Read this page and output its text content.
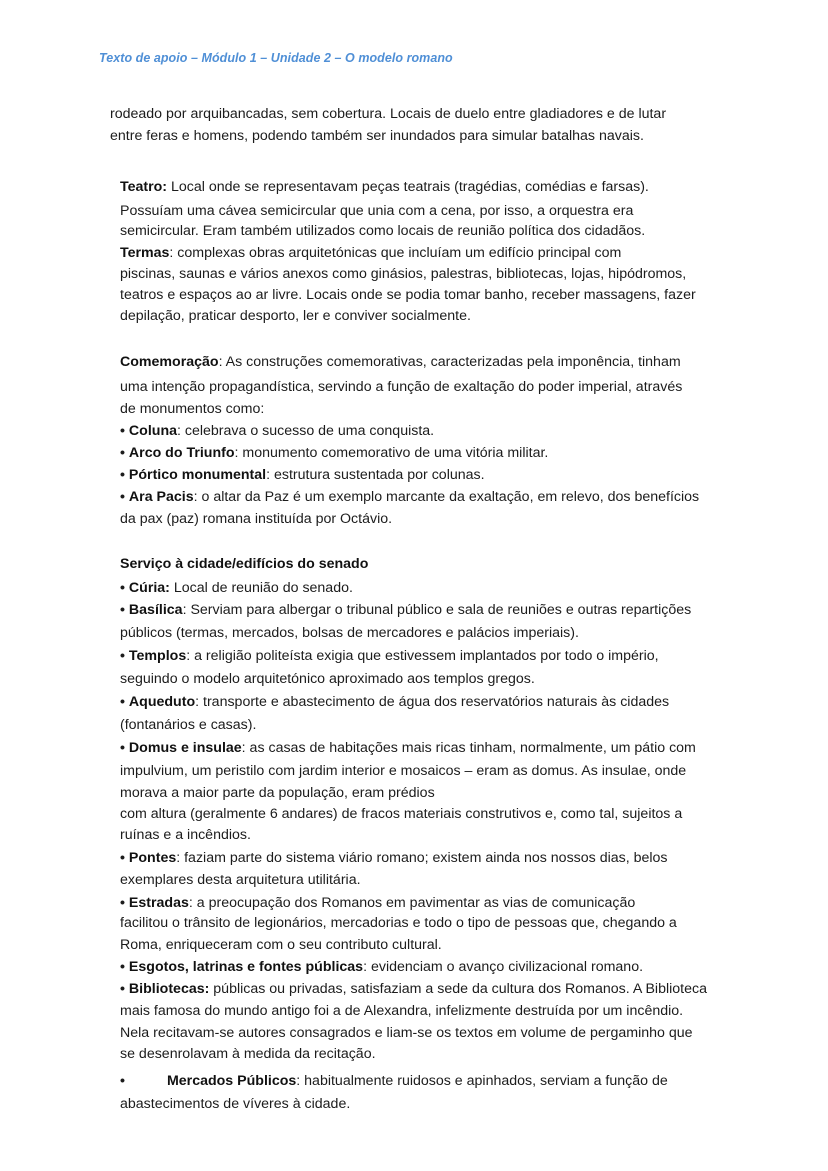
Texto de apoio – Módulo 1 – Unidade 2 – O modelo romano
rodeado por arquibancadas, sem cobertura. Locais de duelo entre gladiadores e de lutar
entre feras e homens, podendo também ser inundados para simular batalhas navais.
Teatro: Local onde se representavam peças teatrais (tragédias, comédias e farsas).
Possuíam uma cávea semicircular que unia com a cena, por isso, a orquestra era
semicircular. Eram também utilizados como locais de reunião política dos cidadãos.
Termas: complexas obras arquitetónicas que incluíam um edifício principal com
piscinas, saunas e vários anexos como ginásios, palestras, bibliotecas, lojas, hipódromos,
teatros e espaços ao ar livre. Locais onde se podia tomar banho, receber massagens, fazer
depilação, praticar desporto, ler e conviver socialmente.
Comemoração: As construções comemorativas, caracterizadas pela imponência, tinham
uma intenção propagandística, servindo a função de exaltação do poder imperial, através
de monumentos como:
• Coluna: celebrava o sucesso de uma conquista.
• Arco do Triunfo: monumento comemorativo de uma vitória militar.
• Pórtico monumental: estrutura sustentada por colunas.
• Ara Pacis: o altar da Paz é um exemplo marcante da exaltação, em relevo, dos benefícios
da pax (paz) romana instituída por Octávio.
Serviço à cidade/edifícios do senado
• Cúria: Local de reunião do senado.
• Basílica: Serviam para albergar o tribunal público e sala de reuniões e outras repartições
públicos (termas, mercados, bolsas de mercadores e palácios imperiais).
• Templos: a religião politeísta exigia que estivessem implantados por todo o império,
seguindo o modelo arquitetónico aproximado aos templos gregos.
• Aqueduto: transporte e abastecimento de água dos reservatórios naturais às cidades
(fontanários e casas).
• Domus e insulae: as casas de habitações mais ricas tinham, normalmente, um pátio com
impulvium, um peristilo com jardim interior e mosaicos – eram as domus. As insulae, onde
morava a maior parte da população, eram prédios
com altura (geralmente 6 andares) de fracos materiais construtivos e, como tal, sujeitos a
ruínas e a incêndios.
• Pontes: faziam parte do sistema viário romano; existem ainda nos nossos dias, belos
exemplares desta arquitetura utilitária.
• Estradas: a preocupação dos Romanos em pavimentar as vias de comunicação
facilitou o trânsito de legionários, mercadorias e todo o tipo de pessoas que, chegando a
Roma, enriqueceram com o seu contributo cultural.
• Esgotos, latrinas e fontes públicas: evidenciam o avanço civilizacional romano.
• Bibliotecas: públicas ou privadas, satisfaziam a sede da cultura dos Romanos. A Biblioteca
mais famosa do mundo antigo foi a de Alexandra, infelizmente destruída por um incêndio.
Nela recitavam-se autores consagrados e liam-se os textos em volume de pergaminho que
se desenrolavam à medida da recitação.
•	Mercados Públicos: habitualmente ruidosos e apinhados, serviam a função de
abastecimentos de víveres à cidade.
